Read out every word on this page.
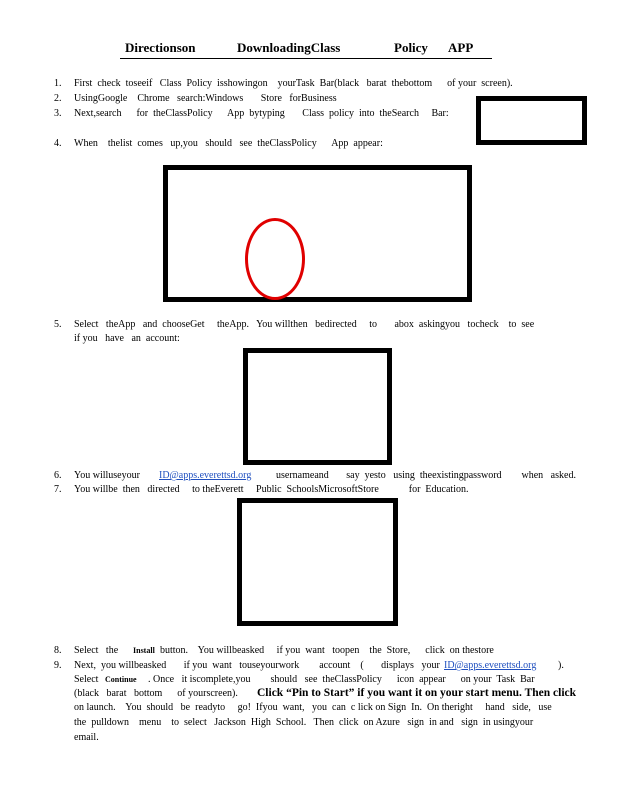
Directionson	DownloadingClass	Policy APP
1. First  check  toseeif   Class  Policy  isshowingon    yourTask  Bar(black   barat  thebottom      of your  screen).
2. UsingGoogle    Chrome   search:Windows       Store   forBusiness
3. Next,search      for  theClassPolicy      App  bytyping       Class  policy  into  theSearch     Bar:
4. When    thelist  comes   up,you   should   see  theClassPolicy      App  appear:
5. Select   theApp   and  chooseGet     theApp.   You willthen   bedirected     to       abox  askingyou   tocheck    to  see
if you   have   an  account:
6. You willuseyour ID@apps.everettsd.org usernameand       say  yesto   using  theexistingpassword        when   asked.
7. You willbe  then   directed     to theEverett     Public  SchoolsMicrosoftStore            for  Education.
8. Select   the Install button.    You willbeasked     if you  want   toopen    the  Store,      click  on thestore
9. Next,  you willbeasked       if you  want   touseyourwork        account    (       displays   your ID@apps.everettsd.org ).
Select Continue . Once   it iscomplete,you        should   see  theClassPolicy      icon  appear      on your  Task  Bar
(black   barat   bottom      of yourscreen). Click “Pin to Start” if you want it on your start menu. Then click
on launch.    You  should   be  readyto     go!  Ifyou  want,   you  can  c lick on Sign  In.  On theright     hand   side,   use
the  pulldown    menu    to  select   Jackson  High  School.   Then  click  on Azure   sign  in and   sign  in usingyour
email.
